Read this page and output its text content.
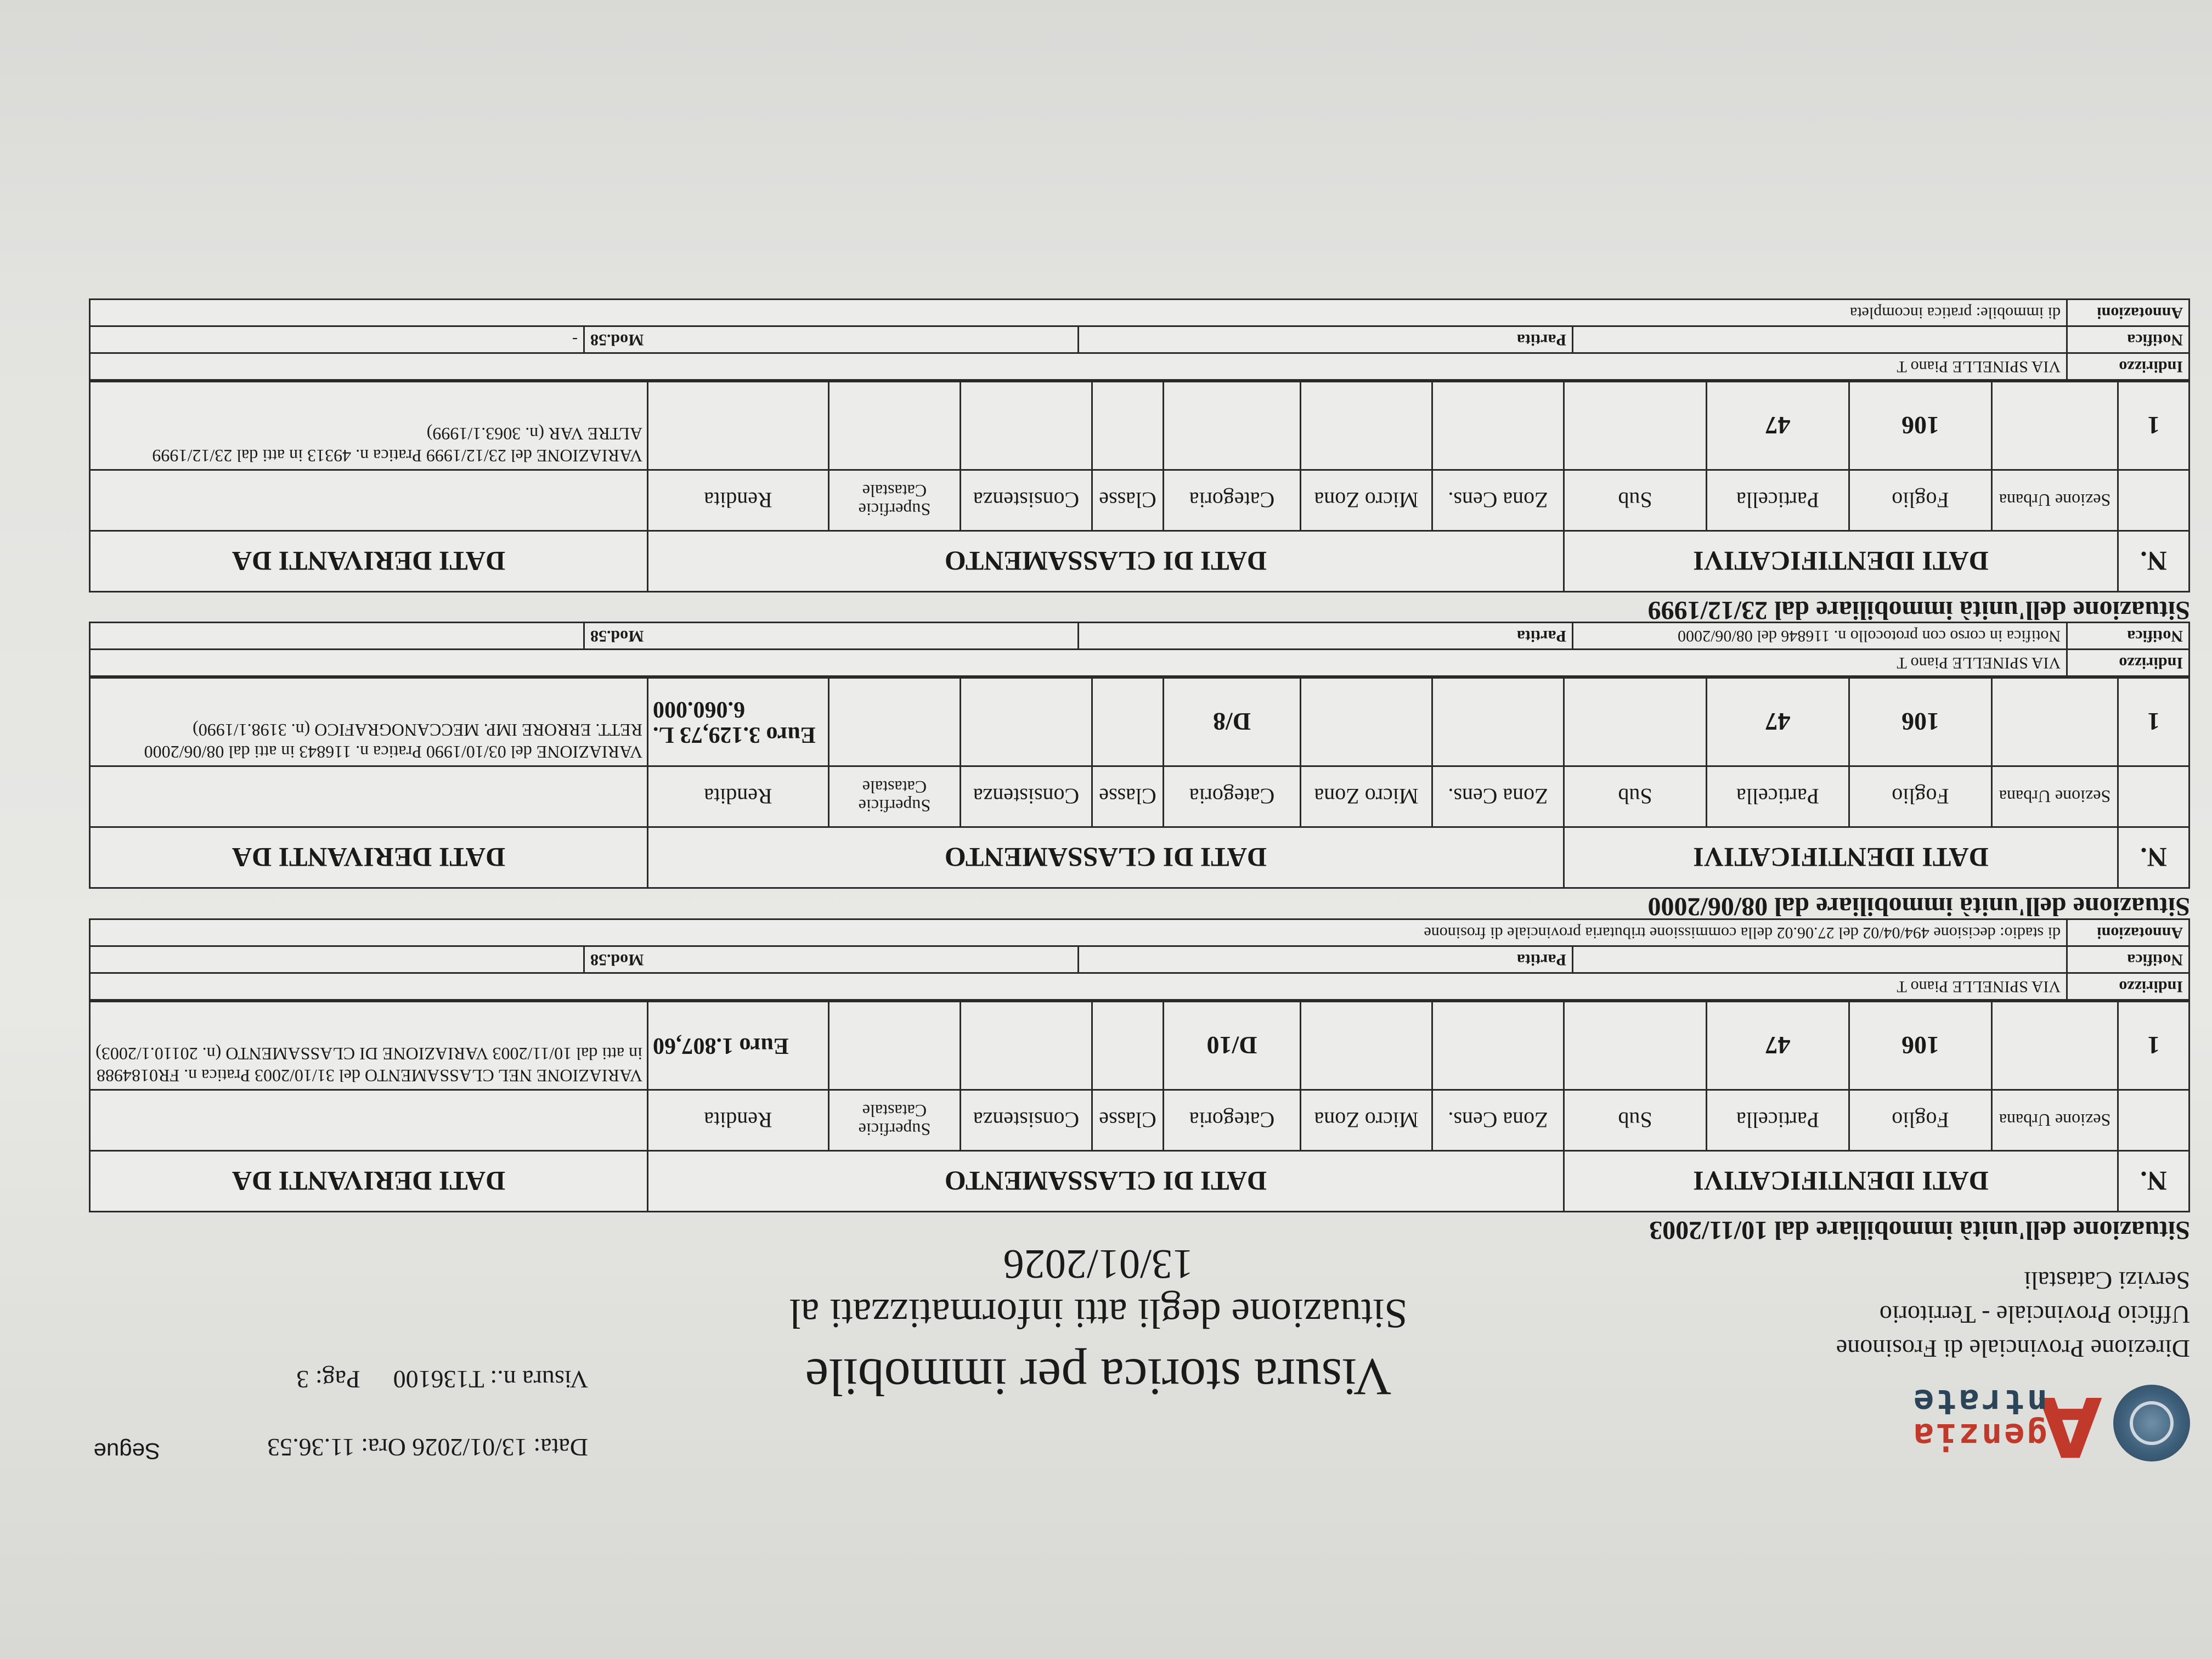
A
genzia
ntrate
Direzione Provinciale di Frosinone
Ufficio Provinciale - Territorio
Servizi Catastali
Visura storica per immobile
Situazione degli atti informatizzati al 13/01/2026
Data: 13/01/2026 Ora: 11.36.53
Visura n.: T136100
Pag: 3
Segue
Situazione dell'unità immobiliare dal 10/11/2003
N.	DATI IDENTIFICATIVI				DATI DI CLASSAMENTO							DATI DERIVANTI DA
	Sezione Urbana	Foglio	Particella	Sub	Zona Cens.	Micro Zona	Categoria	Classe	Consistenza	Superficie Catastale	Rendita	
1		106	47				D/10				Euro 1.807,60	VARIAZIONE NEL CLASSAMENTO del 31/10/2003 Pratica n. FR0184988 in atti dal 10/11/2003 VARIAZIONE DI CLASSAMENTO (n. 20110.1/2003)
Indirizzo	VIA SPINELLE Piano T			
Notifica		Partita	Mod.58	
Annotazioni	di stadio: decisione 494/04/02 del 27.06.02 della commissione tributaria provinciale di frosinone			
Situazione dell'unità immobiliare dal 08/06/2000
N.	DATI IDENTIFICATIVI				DATI DI CLASSAMENTO							DATI DERIVANTI DA
	Sezione Urbana	Foglio	Particella	Sub	Zona Cens.	Micro Zona	Categoria	Classe	Consistenza	Superficie Catastale	Rendita	
1		106	47				D/8				Euro 3.129,73 L. 6.060.000	VARIAZIONE del 03/10/1990 Pratica n. 116843 in atti dal 08/06/2000 RETT. ERRORE IMP. MECCANOGRAFICO (n. 3198.1/1990)
Indirizzo	VIA SPINELLE Piano T			
Notifica	Notifica in corso con protocollo n. 116846 del 08/06/2000	Partita	Mod.58	
Situazione dell'unità immobiliare dal 23/12/1999
N.	DATI IDENTIFICATIVI				DATI DI CLASSAMENTO							DATI DERIVANTI DA
	Sezione Urbana	Foglio	Particella	Sub	Zona Cens.	Micro Zona	Categoria	Classe	Consistenza	Superficie Catastale	Rendita	
1		106	47									VARIAZIONE del 23/12/1999 Pratica n. 49313 in atti dal 23/12/1999 ALTRE VAR (n. 3063.1/1999)
Indirizzo	VIA SPINELLE Piano T			
Notifica		Partita	Mod.58	-
Annotazioni	di immobile: pratica incompleta			
